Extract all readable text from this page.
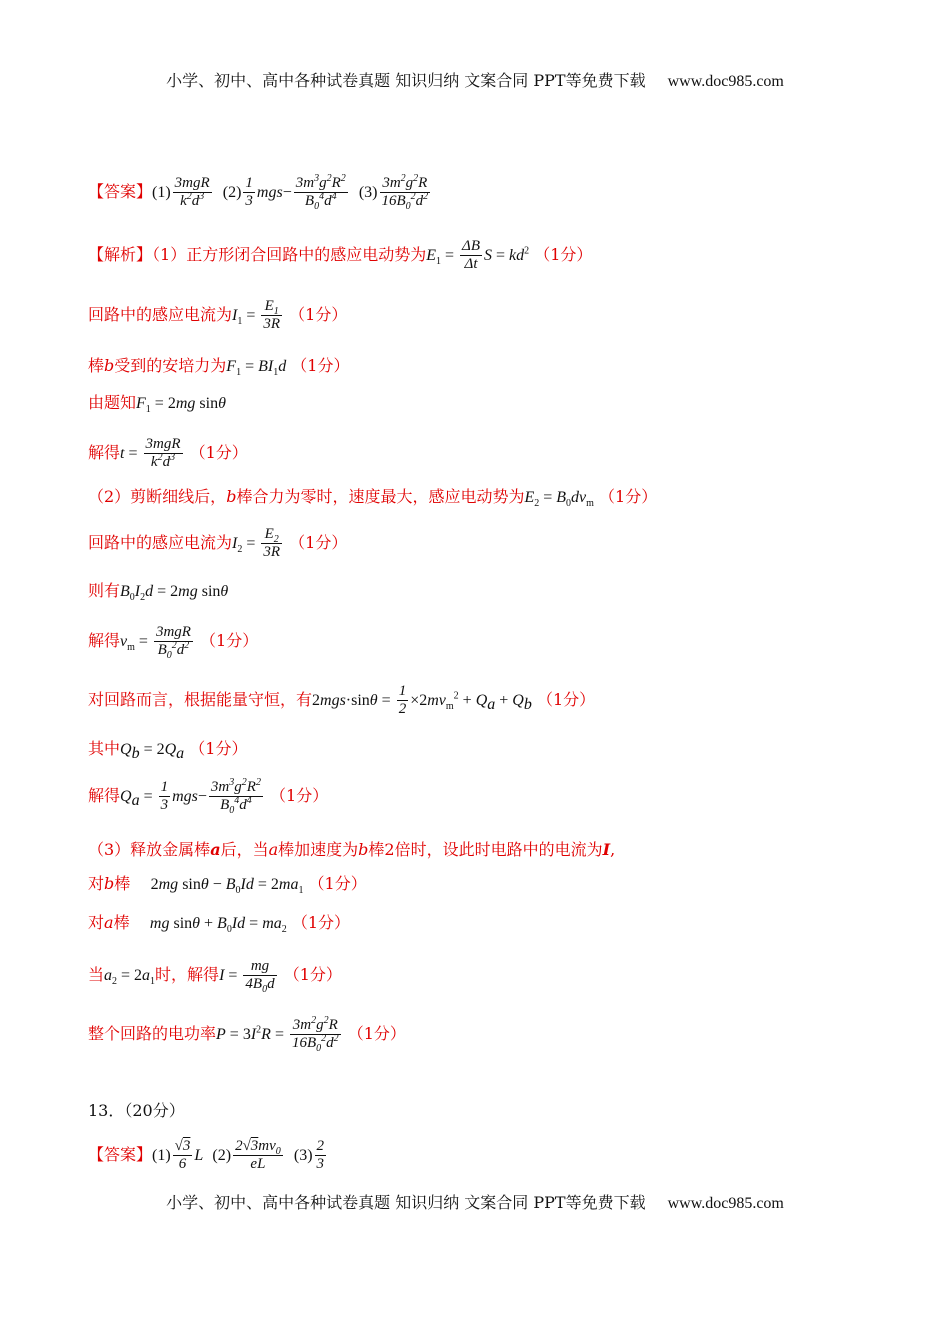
小学、初中、高中各种试卷真题 知识归纳 文案合同 PPT等免费下载 www.doc985.com
【答案】$(1) \frac{\text{3mgR}}{k^2d^3} (2) \frac{1}{3} mgs- \frac{3m^3g^2R^2}{B_0^4d^4} (3) \frac{3m^2g^2R}{16B_0^2d^2}$
【解析】（1）正方形闭合回路中的感应电动势为$E_1 = \frac{\Delta B}{\Delta t}$ $S = kd^2$ （1分）
回路中的感应电流为$I_1 = \frac{E_1}{3R} (1$分）
棒b受到的安培力为$F_1 = BI_1d$ （1分）
由题知$F_1 = 2mg$ sinθ
解得$t = \frac{\text{3mgR}}{k^2d^3} (1$分）
（2）剪断细线后，b棒合力为零时，速度最大，感应电动势为$E_2 = B_0dv_m$ （1分）
回路中的感应电流为$I_2 = \frac{E_2}{3R} (1$分）
则有$B_0I_2d = 2mg$ sinθ
解得$v_m = \frac{\text{3mgR}}{B_0^2d^2} (1$分）
对回路而言，根据能量守恒，有$2mgs\cdot\sin\theta = \frac{1}{2} \times 2mv_m^2 + Q_a + Q_b$ （1分）
其中$Q_b = 2Q_a$ （1分）
解得$Q_a = \frac{1}{3} mgs- \frac{3m^3g^2R^2}{B_0^4d^4} (1$分）
（3）释放金属棒a后，当a棒加速度为b棒2倍时，设此时电路中的电流为I,
对b棒 2mg $\sin\theta - B_0Id = 2ma_1$ （1分）
对a棒 mg $\sin\theta + B_0Id = ma_2$ （1分）
当$a_2 = 2a_1$时，解得$I = \frac{mg}{4B_0d} (1$分）
整个回路的电功率$P = 3I^2R = \frac{3m^2g^2R}{16B_0^2d^2} (1$分）
13．（20分）
【答案】$(1) \frac{√3}{6}$ L  $(2) \frac{2√3mv_0}{eL} (3) \frac{2}{3}$
小学、初中、高中各种试卷真题 知识归纳 文案合同 PPT等免费下载 www.doc985.com
